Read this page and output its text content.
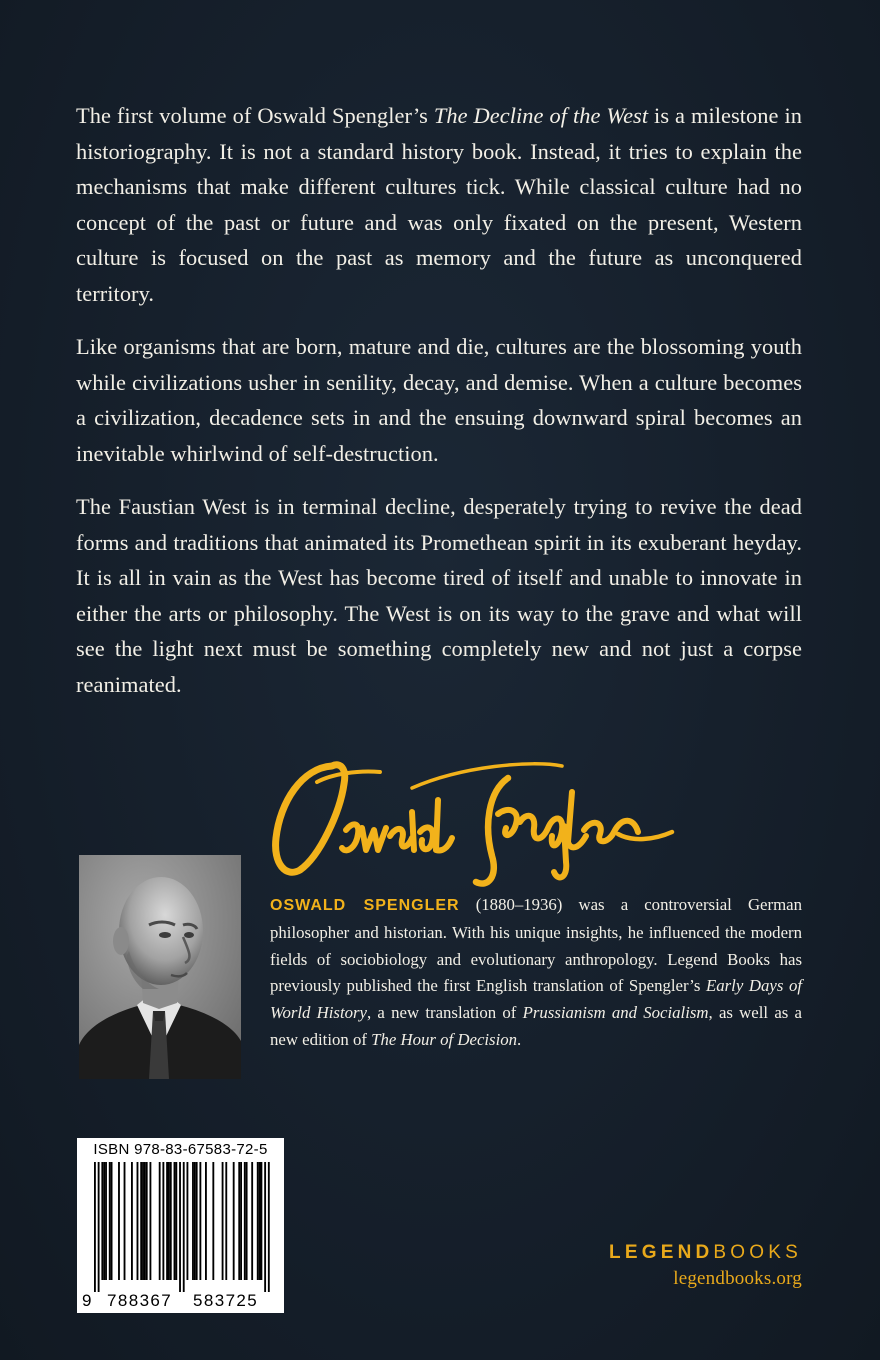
The first volume of Oswald Spengler’s The Decline of the West is a milestone in historiography. It is not a standard history book. Instead, it tries to explain the mechanisms that make different cultures tick. While classical culture had no concept of the past or future and was only fixated on the present, Western culture is focused on the past as memory and the future as unconquered territory.

Like organisms that are born, mature and die, cultures are the blossoming youth while civilizations usher in senility, decay, and demise. When a culture becomes a civilization, decadence sets in and the ensuing downward spiral becomes an inevitable whirlwind of self-destruction.

The Faustian West is in terminal decline, desperately trying to revive the dead forms and traditions that animated its Promethean spirit in its exuberant heyday. It is all in vain as the West has become tired of itself and unable to innovate in either the arts or philosophy. The West is on its way to the grave and what will see the light next must be something completely new and not just a corpse reanimated.

OSWALD SPENGLER (1880–1936) was a controversial German philosopher and historian. With his unique insights, he influenced the modern fields of sociobiology and evolutionary anthropology. Legend Books has previously published the first English translation of Spengler’s Early Days of World History, a new translation of Prussianism and Socialism, as well as a new edition of The Hour of Decision.
ISBN 978-83-67583-72-5
9 788367 583725
LEGENDBOOKS
legendbooks.org
